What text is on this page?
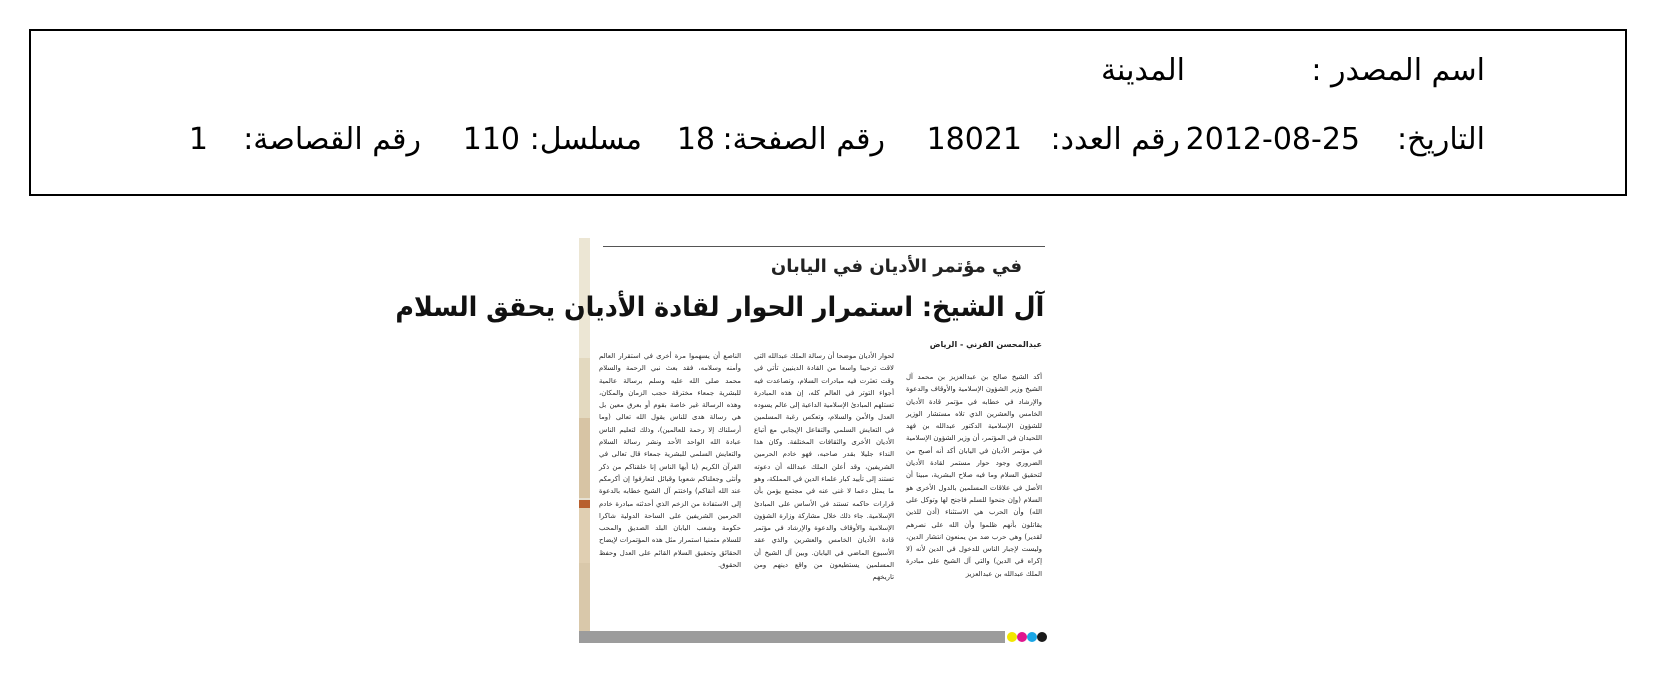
اسم المصدر :
المدينة
التاريخ:
2012-08-25
رقم العدد:
18021
رقم الصفحة:
18
مسلسل:
110
رقم القصاصة:
1
في مؤتمر الأديان في اليابان
آل الشيخ: استمرار الحوار لقادة الأديان يحقق السلام
عبدالمحسن القرني - الرياض
أكد الشيخ صالح بن عبدالعزيز بن محمد آل الشيخ وزير الشؤون الإسلامية والأوقاف والدعوة والإرشاد في خطابه في مؤتمر قادة الأديان الخامس والعشرين الذي تلاه مستشار الوزير للشؤون الإسلامية الدكتور عبدالله بن فهد اللحيدان في المؤتمر، أن وزير الشؤون الإسلامية في مؤتمر الأديان في اليابان أكد أنه أصبح من الضروري وجود حوار مستمر لقادة الأديان لتحقيق السلام وما فيه صلاح البشرية، مبينا أن الأصل في علاقات المسلمين بالدول الأخرى هو السلام (وإن جنحوا للسلم فاجنح لها وتوكل على الله) وأن الحرب هي الاستثناء (أذن للذين يقاتلون بأنهم ظلموا وأن الله على نصرهم لقدير) وهي حرب ضد من يمنعون انتشار الدين، وليست لإجبار الناس للدخول في الدين لأنه (لا إكراه في الدين) والتي آل الشيخ على مبادرة الملك عبدالله بن عبدالعزيز
لحوار الأديان موضحا أن رسالة الملك عبدالله التي لاقت ترحيبا واسعا من القادة الدينيين تأتي في وقت تعثرت فيه مبادرات السلام، وتصاعدت فيه أجواء التوتر في العالم كله، إن هذه المبادرة تستلهم المبادئ الإسلامية الداعية إلى عالم يسوده العدل والأمن والسلام، وتعكس رغبة المسلمين في التعايش السلمي والتفاعل الإيجابي مع أتباع الأديان الأخرى والثقافات المختلفة. وكان هذا النداء جليلا بقدر صاحبه، فهو خادم الحرمين الشريفين، وقد أعلن الملك عبدالله أن دعوته تستند إلى تأييد كبار علماء الدين في المملكة، وهو ما يمثل دعما لا غنى عنه في مجتمع يؤمن بأن قرارات حاكمه تستند في الأساس على المبادئ الإسلامية. جاء ذلك خلال مشاركة وزارة الشؤون الإسلامية والأوقاف والدعوة والإرشاد في مؤتمر قادة الأديان الخامس والعشرين والذي عقد الأسبوع الماضي في اليابان. وبين آل الشيخ أن المسلمين يستطيعون من واقع دينهم ومن تاريخهم
الناصع أن يسهموا مرة أخرى في استقرار العالم وأمنه وسلامه، فقد بعث نبي الرحمة والسلام محمد صلى الله عليه وسلم برسالة عالمية للبشرية جمعاء مخترقة حجب الزمان والمكان، وهذه الرسالة غير خاصة بقوم أو بعرق معين بل هي رسالة هدى للناس يقول الله تعالى (وما أرسلناك إلا رحمة للعالمين)، وذلك لتعليم الناس عبادة الله الواحد الأحد ونشر رسالة السلام والتعايش السلمي للبشرية جمعاء قال تعالى في القرآن الكريم (يا أيها الناس إنا خلقناكم من ذكر وأنثى وجعلناكم شعوبا وقبائل لتعارفوا إن أكرمكم عند الله أتقاكم) واختتم آل الشيخ خطابه بالدعوة إلى الاستفادة من الزخم الذي أحدثته مبادرة خادم الحرمين الشريفين على الساحة الدولية شاكرا حكومة وشعب اليابان البلد الصديق والمحب للسلام متمنيا استمرار مثل هذه المؤتمرات لإيضاح الحقائق وتحقيق السلام القائم على العدل وحفظ الحقوق.
